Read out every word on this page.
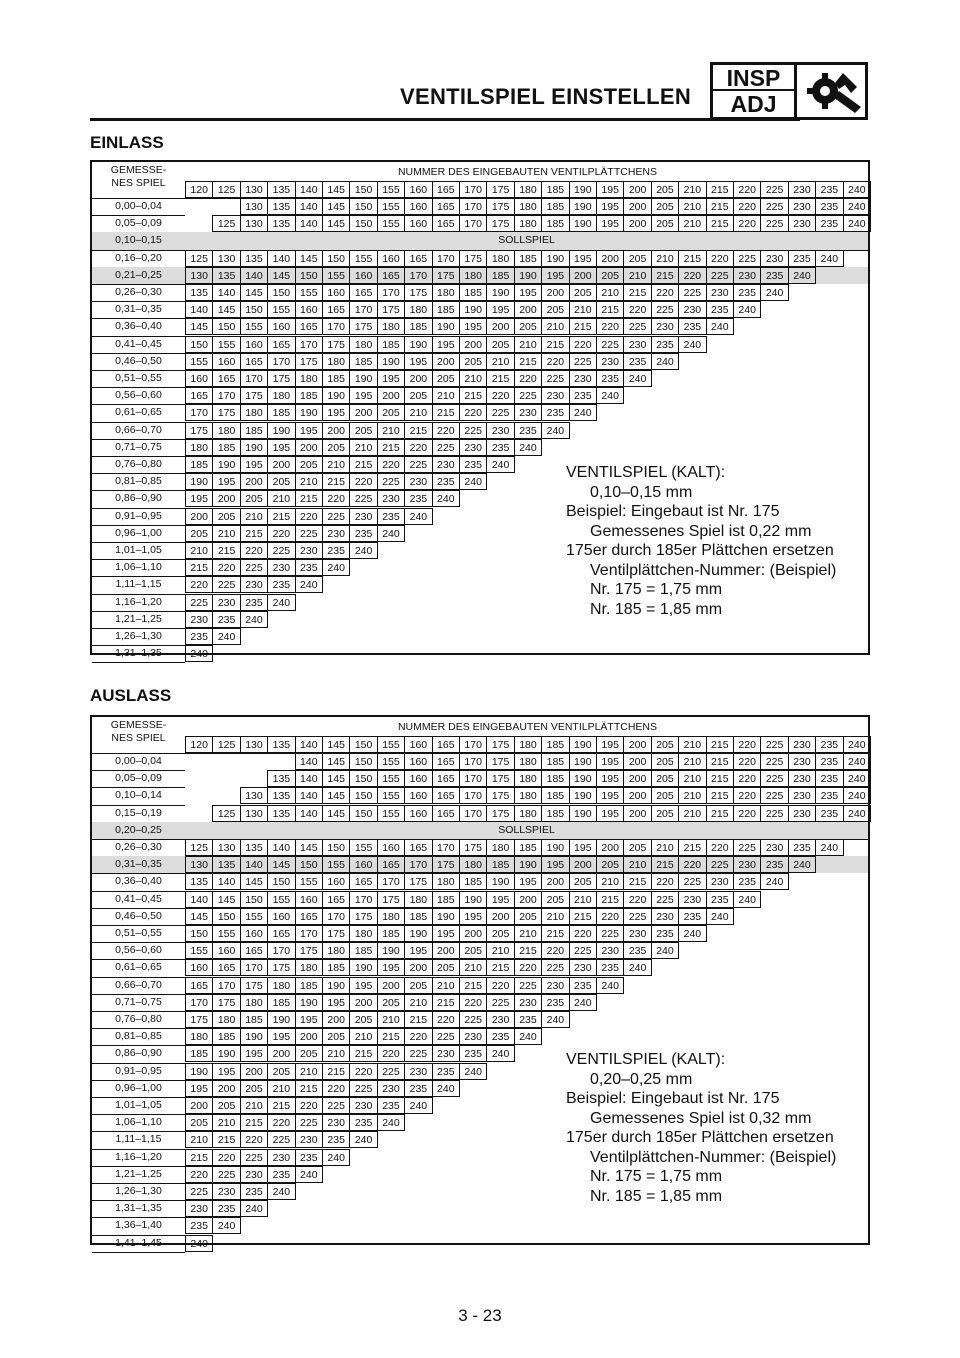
VENTILSPIEL EINSTELLEN
INSP
ADJ
EINLASS
GEMESSE-
NES SPIEL
NUMMER DES EINGEBAUTEN VENTILPLÄTTCHENS
120 125 130 135 140 145 150 155 160 165 170 175 180 185 190 195 200 205 210 215 220 225 230 235 240
0,00–0,04	130 135 140 145 150 155 160 165 170 175 180 185 190 195 200 205 210 215 220 225 230 235 240
0,05–0,09	125 130 135 140 145 150 155 160 165 170 175 180 185 190 195 200 205 210 215 220 225 230 235 240
0,10–0,15	SOLLSPIEL
0,16–0,20	125 130 135 140 145 150 155 160 165 170 175 180 185 190 195 200 205 210 215 220 225 230 235 240
0,21–0,25	130 135 140 145 150 155 160 165 170 175 180 185 190 195 200 205 210 215 220 225 230 235 240
0,26–0,30	135 140 145 150 155 160 165 170 175 180 185 190 195 200 205 210 215 220 225 230 235 240
0,31–0,35	140 145 150 155 160 165 170 175 180 185 190 195 200 205 210 215 220 225 230 235 240
0,36–0,40	145 150 155 160 165 170 175 180 185 190 195 200 205 210 215 220 225 230 235 240
0,41–0,45	150 155 160 165 170 175 180 185 190 195 200 205 210 215 220 225 230 235 240
0,46–0,50	155 160 165 170 175 180 185 190 195 200 205 210 215 220 225 230 235 240
0,51–0,55	160 165 170 175 180 185 190 195 200 205 210 215 220 225 230 235 240
0,56–0,60	165 170 175 180 185 190 195 200 205 210 215 220 225 230 235 240
0,61–0,65	170 175 180 185 190 195 200 205 210 215 220 225 230 235 240
0,66–0,70	175 180 185 190 195 200 205 210 215 220 225 230 235 240
0,71–0,75	180 185 190 195 200 205 210 215 220 225 230 235 240
0,76–0,80	185 190 195 200 205 210 215 220 225 230 235 240
0,81–0,85	190 195 200 205 210 215 220 225 230 235 240
0,86–0,90	195 200 205 210 215 220 225 230 235 240
0,91–0,95	200 205 210 215 220 225 230 235 240
0,96–1,00	205 210 215 220 225 230 235 240
1,01–1,05	210 215 220 225 230 235 240
1,06–1,10	215 220 225 230 235 240
1,11–1,15	220 225 230 235 240
1,16–1,20	225 230 235 240
1,21–1,25	230 235 240
1,26–1,30	235 240
1,31–1,35	240
VENTILSPIEL (KALT):
0,10–0,15 mm
Beispiel: Eingebaut ist Nr. 175
Gemessenes Spiel ist 0,22 mm
175er durch 185er Plättchen ersetzen
Ventilplättchen-Nummer: (Beispiel)
Nr. 175 = 1,75 mm
Nr. 185 = 1,85 mm
AUSLASS
GEMESSE-
NES SPIEL
NUMMER DES EINGEBAUTEN VENTILPLÄTTCHENS
120 125 130 135 140 145 150 155 160 165 170 175 180 185 190 195 200 205 210 215 220 225 230 235 240
0,00–0,04	140 145 150 155 160 165 170 175 180 185 190 195 200 205 210 215 220 225 230 235 240
0,05–0,09	135 140 145 150 155 160 165 170 175 180 185 190 195 200 205 210 215 220 225 230 235 240
0,10–0,14	130 135 140 145 150 155 160 165 170 175 180 185 190 195 200 205 210 215 220 225 230 235 240
0,15–0,19	125 130 135 140 145 150 155 160 165 170 175 180 185 190 195 200 205 210 215 220 225 230 235 240
0,20–0,25	SOLLSPIEL
0,26–0,30	125 130 135 140 145 150 155 160 165 170 175 180 185 190 195 200 205 210 215 220 225 230 235 240
0,31–0,35	130 135 140 145 150 155 160 165 170 175 180 185 190 195 200 205 210 215 220 225 230 235 240
0,36–0,40	135 140 145 150 155 160 165 170 175 180 185 190 195 200 205 210 215 220 225 230 235 240
0,41–0,45	140 145 150 155 160 165 170 175 180 185 190 195 200 205 210 215 220 225 230 235 240
0,46–0,50	145 150 155 160 165 170 175 180 185 190 195 200 205 210 215 220 225 230 235 240
0,51–0,55	150 155 160 165 170 175 180 185 190 195 200 205 210 215 220 225 230 235 240
0,56–0,60	155 160 165 170 175 180 185 190 195 200 205 210 215 220 225 230 235 240
0,61–0,65	160 165 170 175 180 185 190 195 200 205 210 215 220 225 230 235 240
0,66–0,70	165 170 175 180 185 190 195 200 205 210 215 220 225 230 235 240
0,71–0,75	170 175 180 185 190 195 200 205 210 215 220 225 230 235 240
0,76–0,80	175 180 185 190 195 200 205 210 215 220 225 230 235 240
0,81–0,85	180 185 190 195 200 205 210 215 220 225 230 235 240
0,86–0,90	185 190 195 200 205 210 215 220 225 230 235 240
0,91–0,95	190 195 200 205 210 215 220 225 230 235 240
0,96–1,00	195 200 205 210 215 220 225 230 235 240
1,01–1,05	200 205 210 215 220 225 230 235 240
1,06–1,10	205 210 215 220 225 230 235 240
1,11–1,15	210 215 220 225 230 235 240
1,16–1,20	215 220 225 230 235 240
1,21–1,25	220 225 230 235 240
1,26–1,30	225 230 235 240
1,31–1,35	230 235 240
1,36–1,40	235 240
1,41–1,45	240
VENTILSPIEL (KALT):
0,20–0,25 mm
Beispiel: Eingebaut ist Nr. 175
Gemessenes Spiel ist 0,32 mm
175er durch 185er Plättchen ersetzen
Ventilplättchen-Nummer: (Beispiel)
Nr. 175 = 1,75 mm
Nr. 185 = 1,85 mm
3 - 23
